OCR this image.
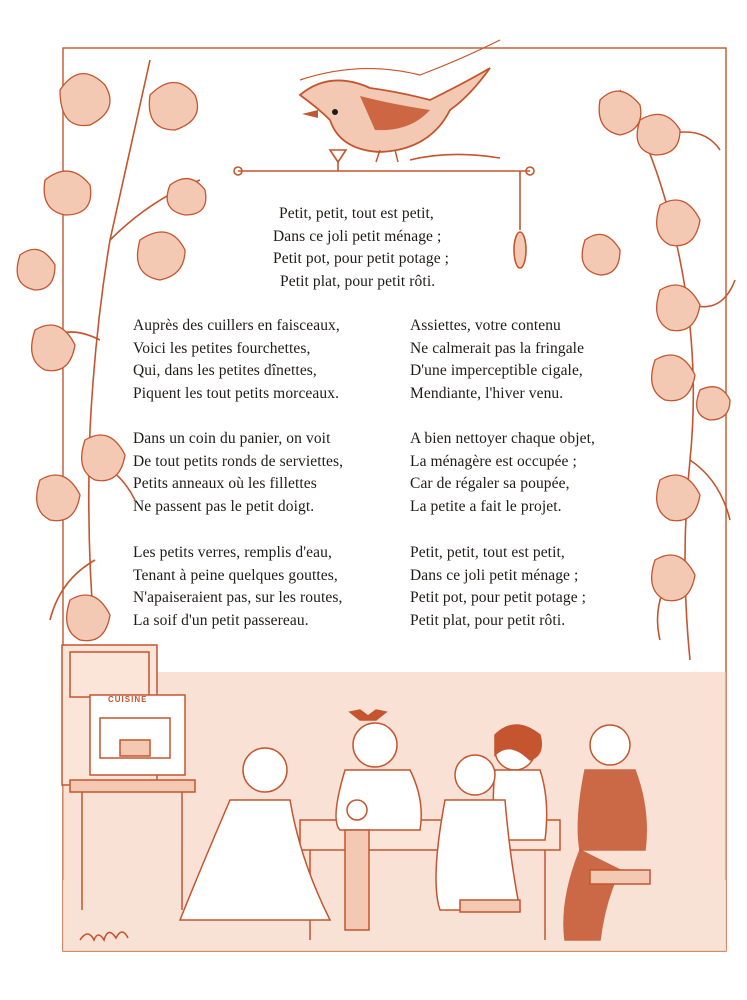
CUISINE
Petit, petit, tout est petit,
Dans ce joli petit ménage ;
Petit pot, pour petit potage ;
Petit plat, pour petit rôti.
Auprès des cuillers en faisceaux,
Voici les petites fourchettes,
Qui, dans les petites dînettes,
Piquent les tout petits morceaux.
Dans un coin du panier, on voit
De tout petits ronds de serviettes,
Petits anneaux où les fillettes
Ne passent pas le petit doigt.
Les petits verres, remplis d'eau,
Tenant à peine quelques gouttes,
N'apaiseraient pas, sur les routes,
La soif d'un petit passereau.
Assiettes, votre contenu
Ne calmerait pas la fringale
D'une imperceptible cigale,
Mendiante, l'hiver venu.
A bien nettoyer chaque objet,
La ménagère est occupée ;
Car de régaler sa poupée,
La petite a fait le projet.
Petit, petit, tout est petit,
Dans ce joli petit ménage ;
Petit pot, pour petit potage ;
Petit plat, pour petit rôti.
